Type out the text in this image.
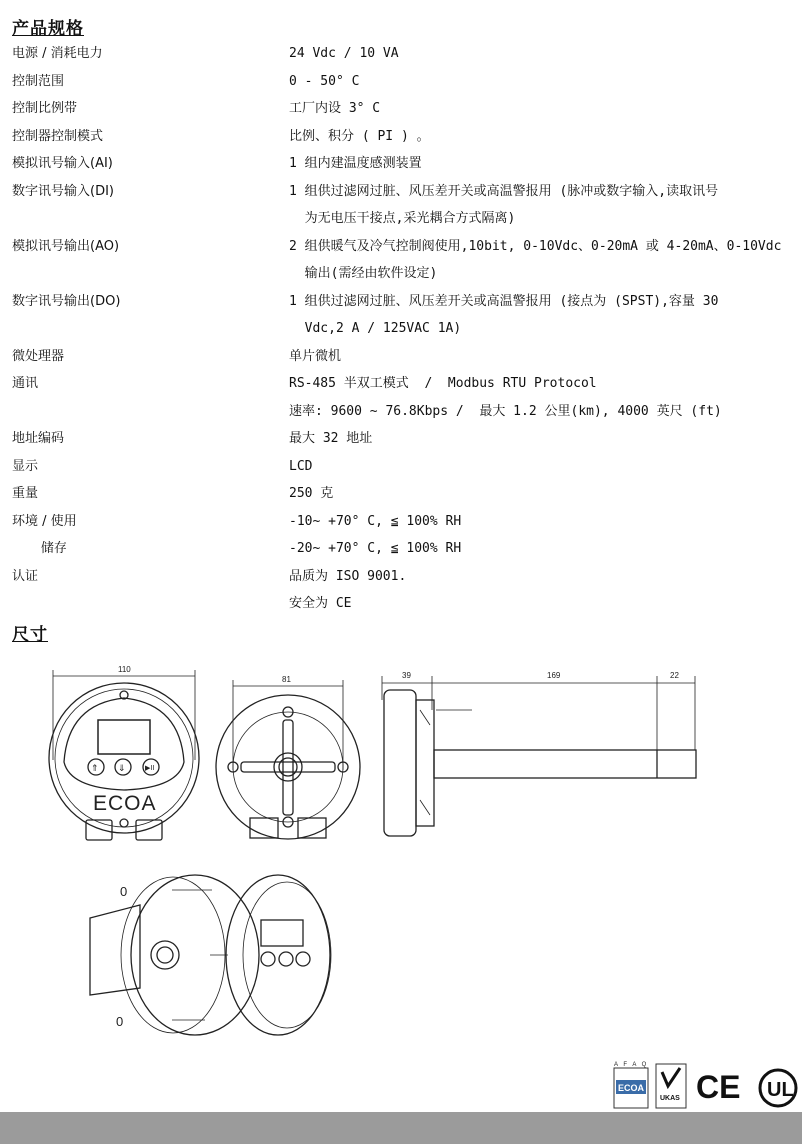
产品规格
电源 / 消耗电力	24 Vdc / 10 VA
控制范围	0 - 50° C
控制比例带	工厂内设 3° C
控制器控制模式	比例、积分 ( PI ) 。
模拟讯号输入(AI)	1 组内建温度感测装置
数字讯号输入(DI)	1 组供过滤网过脏、风压差开关或高温警报用 (脉冲或数字输入,读取讯号
为无电压干接点,采光耦合方式隔离)
模拟讯号输出(AO)	2 组供暖气及冷气控制阀使用,10bit, 0-10Vdc、0-20mA 或 4-20mA、0-10Vdc
输出(需经由软件设定)
数字讯号输出(DO)	1 组供过滤网过脏、风压差开关或高温警报用 (接点为 (SPST),容量 30
Vdc,2 A / 125VAC 1A)
微处理器	单片微机
通讯	RS-485 半双工模式  /  Modbus RTU Protocol
速率: 9600 ~ 76.8Kbps /  最大 1.2 公里(km), 4000 英尺 (ft)
地址编码	最大 32 地址
显示	LCD
重量	250 克
环境 / 使用	-10~ +70° C, ≦ 100% RH
储存	-20~ +70° C, ≦ 100% RH
认证	品质为 ISO 9001.
安全为 CE
尺寸
110
⇑ ⇓	▶II
ECOA
81	39	169	22
0
0
A F A Q
ECOA
UKAS CE UL
